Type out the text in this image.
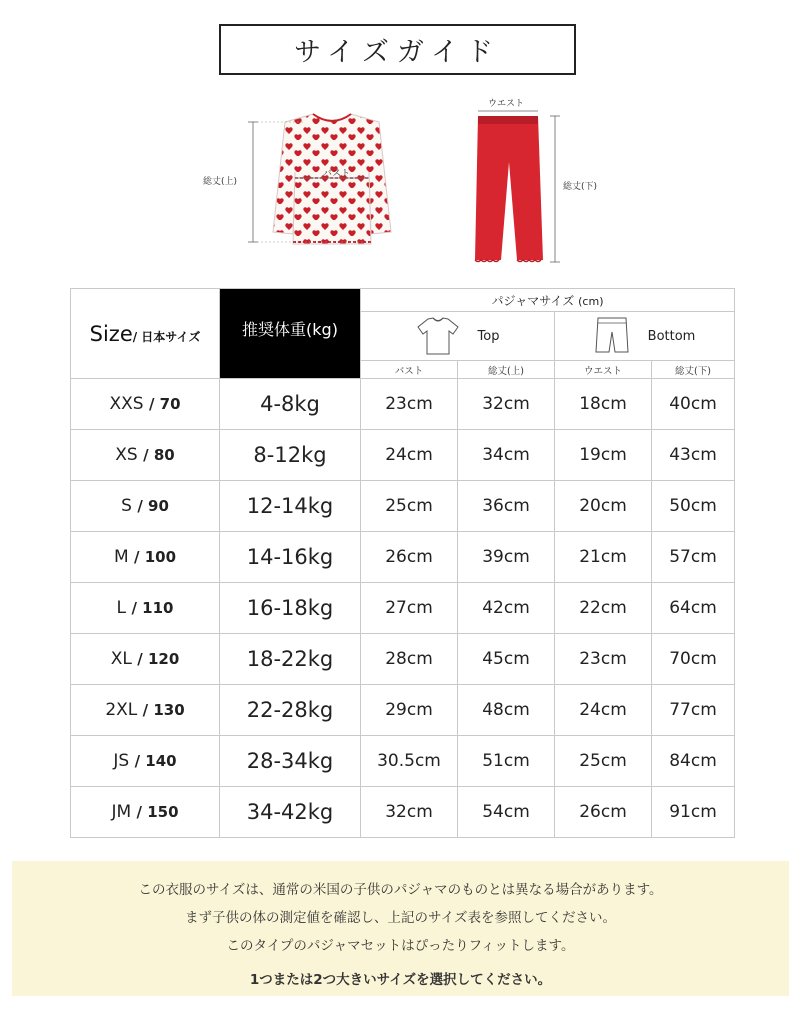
サイズガイド
総丈(上)
バスト
ウエスト
総丈(下)
Size/ 日本サイズ	推奨体重(kg)	パジャマサイズ (cm)			

		Top		Bottom	

		バスト	総丈(上)	ウエスト	総丈(下)
XXS / 70	4-8kg	23cm	32cm	18cm	40cm
XS / 80	8-12kg	24cm	34cm	19cm	43cm
S / 90	12-14kg	25cm	36cm	20cm	50cm
M / 100	14-16kg	26cm	39cm	21cm	57cm
L / 110	16-18kg	27cm	42cm	22cm	64cm
XL / 120	18-22kg	28cm	45cm	23cm	70cm
2XL / 130	22-28kg	29cm	48cm	24cm	77cm
JS / 140	28-34kg	30.5cm	51cm	25cm	84cm
JM / 150	34-42kg	32cm	54cm	26cm	91cm

この衣服のサイズは、通常の米国の子供のパジャマのものとは異なる場合があります。

まず子供の体の測定値を確認し、上記のサイズ表を参照してください。

このタイプのパジャマセットはぴったりフィットします。

1つまたは2つ大きいサイズを選択してください。
